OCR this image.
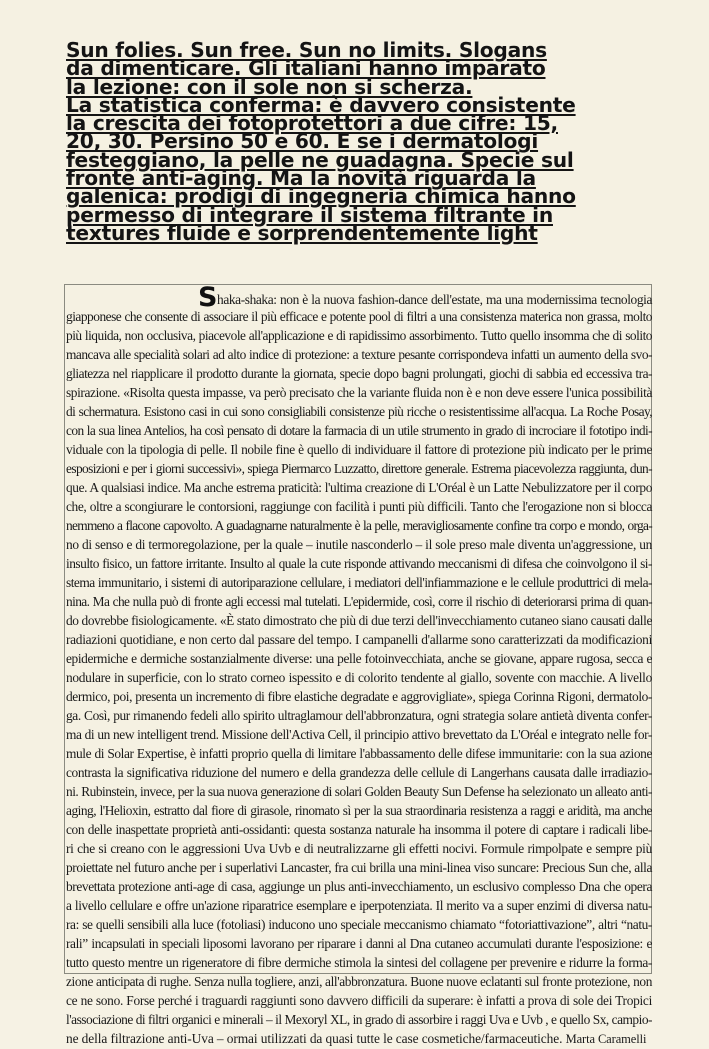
Sun folies. Sun free. Sun no limits. Slogans
da dimenticare. Gli italiani hanno imparato
la lezione: con il sole non si scherza.
La statistica conferma: è davvero consistente
la crescita dei fotoprotettori a due cifre: 15,
20, 30. Persino 50 e 60. E se i dermatologi
festeggiano, la pelle ne guadagna. Specie sul
fronte anti-aging. Ma la novità riguarda la
galenica: prodigi di ingegneria chimica hanno
permesso di integrare il sistema filtrante in
textures fluide e sorprendentemente light
Shaka-shaka: non è la nuova fashion-dance dell'estate, ma una modernissima tecnologia
giapponese che consente di associare il più efficace e potente pool di filtri a una consistenza materica non grassa, molto
più liquida, non occlusiva, piacevole all'applicazione e di rapidissimo assorbimento. Tutto quello insomma che di solito
mancava alle specialità solari ad alto indice di protezione: a texture pesante corrispondeva infatti un aumento della svo-
gliatezza nel riapplicare il prodotto durante la giornata, specie dopo bagni prolungati, giochi di sabbia ed eccessiva tra-
spirazione. «Risolta questa impasse, va però precisato che la variante fluida non è e non deve essere l'unica possibilità
di schermatura. Esistono casi in cui sono consigliabili consistenze più ricche o resistentissime all'acqua. La Roche Posay,
con la sua linea Antelios, ha così pensato di dotare la farmacia di un utile strumento in grado di incrociare il fototipo indi-
viduale con la tipologia di pelle. Il nobile fine è quello di individuare il fattore di protezione più indicato per le prime
esposizioni e per i giorni successivi», spiega Piermarco Luzzatto, direttore generale. Estrema piacevolezza raggiunta, dun-
que. A qualsiasi indice. Ma anche estrema praticità: l'ultima creazione di L'Oréal è un Latte Nebulizzatore per il corpo
che, oltre a scongiurare le contorsioni, raggiunge con facilità i punti più difficili. Tanto che l'erogazione non si blocca
nemmeno a flacone capovolto. A guadagnarne naturalmente è la pelle, meravigliosamente confine tra corpo e mondo, orga-
no di senso e di termoregolazione, per la quale – inutile nasconderlo – il sole preso male diventa un'aggressione, un
insulto fisico, un fattore irritante. Insulto al quale la cute risponde attivando meccanismi di difesa che coinvolgono il si-
stema immunitario, i sistemi di autoriparazione cellulare, i mediatori dell'infiammazione e le cellule produttrici di mela-
nina. Ma che nulla può di fronte agli eccessi mal tutelati. L'epidermide, così, corre il rischio di deteriorarsi prima di quan-
do dovrebbe fisiologicamente. «È stato dimostrato che più di due terzi dell'invecchiamento cutaneo siano causati dalle
radiazioni quotidiane, e non certo dal passare del tempo. I campanelli d'allarme sono caratterizzati da modificazioni
epidermiche e dermiche sostanzialmente diverse: una pelle fotoinvecchiata, anche se giovane, appare rugosa, secca e
nodulare in superficie, con lo strato corneo ispessito e di colorito tendente al giallo, sovente con macchie. A livello
dermico, poi, presenta un incremento di fibre elastiche degradate e aggrovigliate», spiega Corinna Rigoni, dermatolo-
ga. Così, pur rimanendo fedeli allo spirito ultraglamour dell'abbronzatura, ogni strategia solare antietà diventa confer-
ma di un new intelligent trend. Missione dell'Activa Cell, il principio attivo brevettato da L'Oréal e integrato nelle for-
mule di Solar Expertise, è infatti proprio quella di limitare l'abbassamento delle difese immunitarie: con la sua azione
contrasta la significativa riduzione del numero e della grandezza delle cellule di Langerhans causata dalle irradiazio-
ni. Rubinstein, invece, per la sua nuova generazione di solari Golden Beauty Sun Defense ha selezionato un alleato anti-
aging, l'Helioxin, estratto dal fiore di girasole, rinomato sì per la sua straordinaria resistenza a raggi e aridità, ma anche
con delle inaspettate proprietà anti-ossidanti: questa sostanza naturale ha insomma il potere di captare i radicali libe-
ri che si creano con le aggressioni Uva Uvb e di neutralizzarne gli effetti nocivi. Formule rimpolpate e sempre più
proiettate nel futuro anche per i superlativi Lancaster, fra cui brilla una mini-linea viso suncare: Precious Sun che, alla
brevettata protezione anti-age di casa, aggiunge un plus anti-invecchiamento, un esclusivo complesso Dna che opera
a livello cellulare e offre un'azione riparatrice esemplare e iperpotenziata. Il merito va a super enzimi di diversa natu-
ra: se quelli sensibili alla luce (fotoliasi) inducono uno speciale meccanismo chiamato “fotoriattivazione”, altri “natu-
rali” incapsulati in speciali liposomi lavorano per riparare i danni al Dna cutaneo accumulati durante l'esposizione: e
tutto questo mentre un rigeneratore di fibre dermiche stimola la sintesi del collagene per prevenire e ridurre la forma-
zione anticipata di rughe. Senza nulla togliere, anzi, all'abbronzatura. Buone nuove eclatanti sul fronte protezione, non
ce ne sono. Forse perché i traguardi raggiunti sono davvero difficili da superare: è infatti a prova di sole dei Tropici
l'associazione di filtri organici e minerali – il Mexoryl XL, in grado di assorbire i raggi Uva e Uvb , e quello Sx, campio-
ne della filtrazione anti-Uva – ormai utilizzati da quasi tutte le case cosmetiche/farmaceutiche. Marta Caramelli
